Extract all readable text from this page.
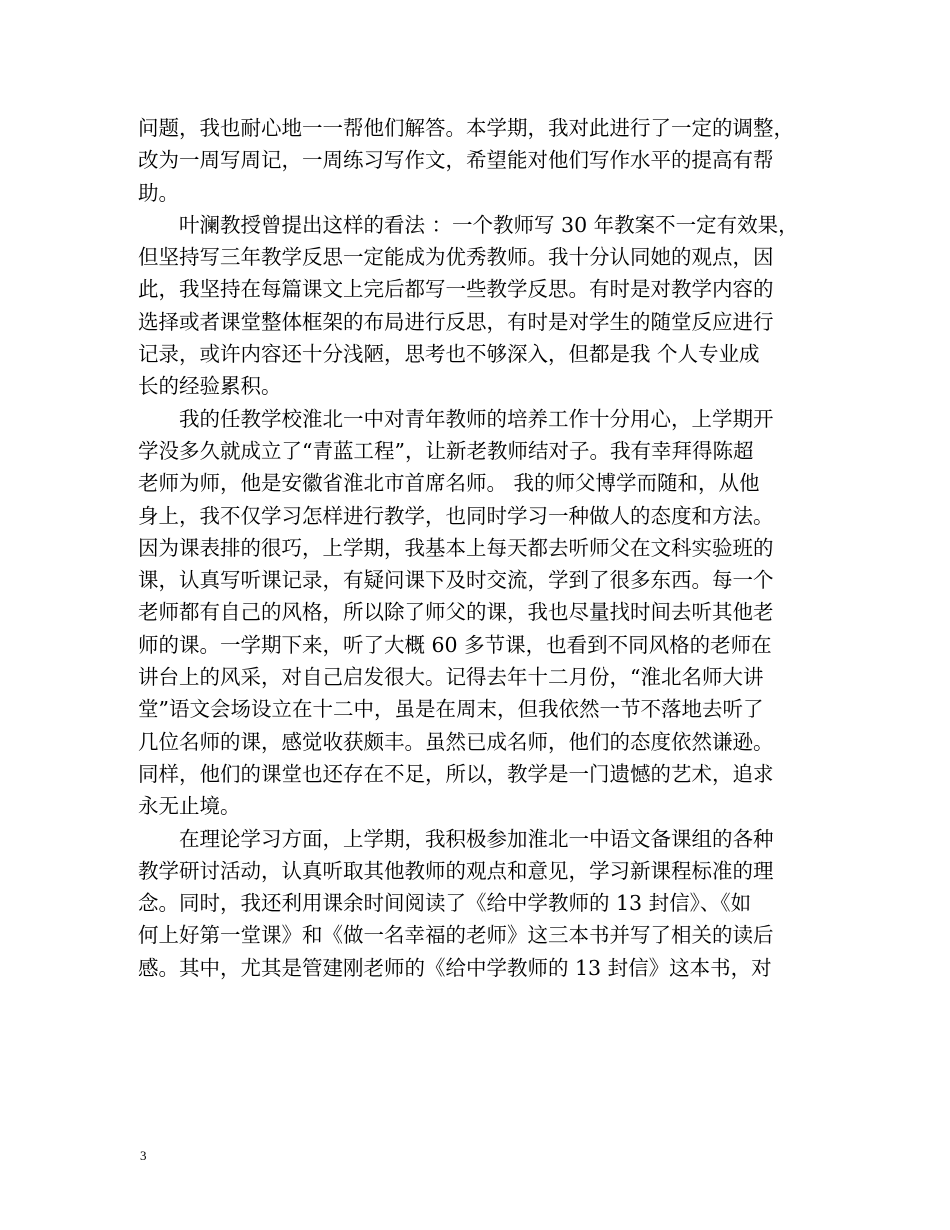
问题，我也耐心地一一帮他们解答。本学期，我对此进行了一定的调整，
改为一周写周记，一周练习写作文，希望能对他们写作水平的提高有帮
助。
叶澜教授曾提出这样的看法 ：一个教师写 30 年教案不一定有效果，
但坚持写三年教学反思一定能成为优秀教师。我十分认同她的观点，因
此，我坚持在每篇课文上完后都写一些教学反思。有时是对教学内容的
选择或者课堂整体框架的布局进行反思，有时是对学生的随堂反应进行
记录，或许内容还十分浅陋，思考也不够深入，但都是我 个人专业成
长的经验累积。
我的任教学校淮北一中对青年教师的培养工作十分用心，上学期开
学没多久就成立了“青蓝工程”，让新老教师结对子。我有幸拜得陈超
老师为师，他是安徽省淮北市首席名师。 我的师父博学而随和，从他
身上，我不仅学习怎样进行教学，也同时学习一种做人的态度和方法。
因为课表排的很巧，上学期，我基本上每天都去听师父在文科实验班的
课，认真写听课记录，有疑问课下及时交流，学到了很多东西。每一个
老师都有自己的风格，所以除了师父的课，我也尽量找时间去听其他老
师的课。一学期下来，听了大概 60 多节课，也看到不同风格的老师在
讲台上的风采，对自己启发很大。记得去年十二月份，“淮北名师大讲
堂”语文会场设立在十二中，虽是在周末，但我依然一节不落地去听了
几位名师的课，感觉收获颇丰。虽然已成名师，他们的态度依然谦逊。
同样，他们的课堂也还存在不足，所以，教学是一门遗憾的艺术，追求
永无止境。
在理论学习方面，上学期，我积极参加淮北一中语文备课组的各种
教学研讨活动，认真听取其他教师的观点和意见，学习新课程标准的理
念。同时，我还利用课余时间阅读了《给中学教师的 13 封信》、《如
何上好第一堂课》和《做一名幸福的老师》这三本书并写了相关的读后
感。其中，尤其是管建刚老师的《给中学教师的 13 封信》这本书，对
3
